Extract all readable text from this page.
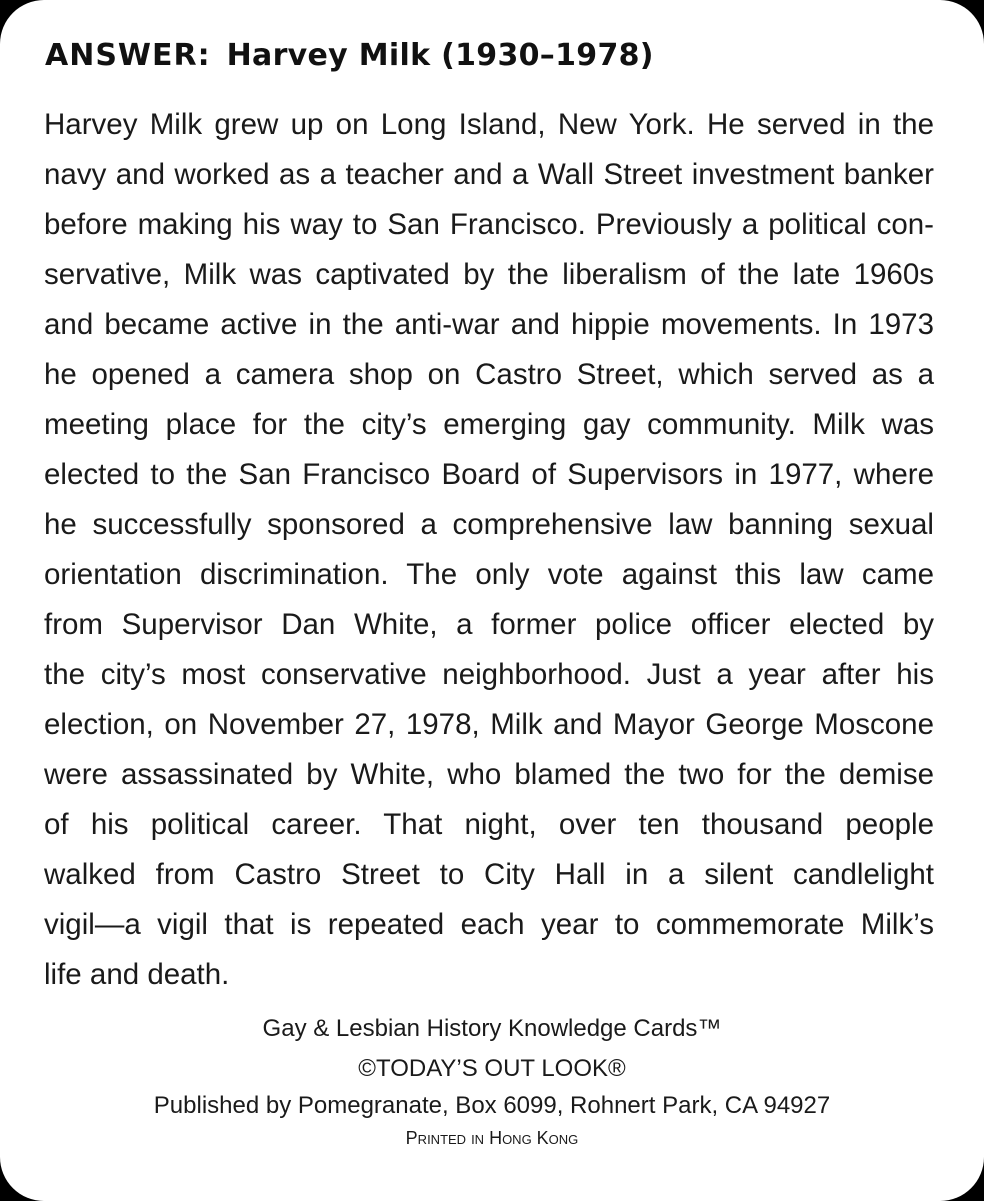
ANSWER: Harvey Milk (1930–1978)
Harvey Milk grew up on Long Island, New York. He served in the
navy and worked as a teacher and a Wall Street investment banker
before making his way to San Francisco. Previously a political con-
servative, Milk was captivated by the liberalism of the late 1960s
and became active in the anti-war and hippie movements. In 1973
he opened a camera shop on Castro Street, which served as a
meeting place for the city’s emerging gay community. Milk was
elected to the San Francisco Board of Supervisors in 1977, where
he successfully sponsored a comprehensive law banning sexual
orientation discrimination. The only vote against this law came
from Supervisor Dan White, a former police officer elected by
the city’s most conservative neighborhood. Just a year after his
election, on November 27, 1978, Milk and Mayor George Moscone
were assassinated by White, who blamed the two for the demise
of his political career. That night, over ten thousand people
walked from Castro Street to City Hall in a silent candlelight
vigil—a vigil that is repeated each year to commemorate Milk’s
life and death.
Gay & Lesbian History Knowledge Cards™
©TODAY’S OUT LOOK®
Published by Pomegranate, Box 6099, Rohnert Park, CA 94927
Printed in Hong Kong
